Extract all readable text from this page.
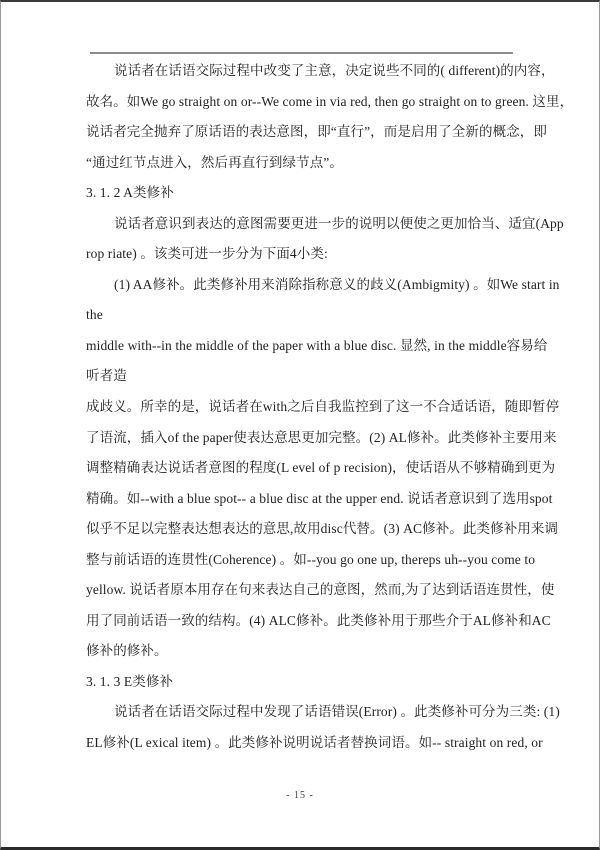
说话者在话语交际过程中改变了主意，决定说些不同的( different)的内容，
故名。如We go straight on or--We come in via red, then go straight on to green. 这里，
说话者完全抛弃了原话语的表达意图，即“直行”，而是启用了全新的概念，即
“通过红节点进入，然后再直行到绿节点”。
3. 1. 2 A类修补
说话者意识到表达的意图需要更进一步的说明以便使之更加恰当、适宜(App
rop riate) 。该类可进一步分为下面4小类:
(1) AA修补。此类修补用来消除指称意义的歧义(Ambigmity) 。如We start in
the
middle with--in the middle of the paper with a blue disc. 显然, in the middle容易给
听者造
成歧义。所幸的是，说话者在with之后自我监控到了这一不合适话语，随即暂停
了语流，插入of the paper使表达意思更加完整。(2) AL修补。此类修补主要用来
调整精确表达说话者意图的程度(L evel of p recision)，使话语从不够精确到更为
精确。如--with a blue spot-- a blue disc at the upper end. 说话者意识到了选用spot
似乎不足以完整表达想表达的意思,故用disc代替。(3) AC修补。此类修补用来调
整与前话语的连贯性(Coherence) 。如--you go one up, thereps uh--you come to
yellow. 说话者原本用存在句来表达自己的意图，然而,为了达到话语连贯性，使
用了同前话语一致的结构。(4) ALC修补。此类修补用于那些介于AL修补和AC
修补的修补。
3. 1. 3 E类修补
说话者在话语交际过程中发现了话语错误(Error) 。此类修补可分为三类: (1)
EL修补(L exical item) 。此类修补说明说话者替换词语。如-- straight on red, or
- 15 -
